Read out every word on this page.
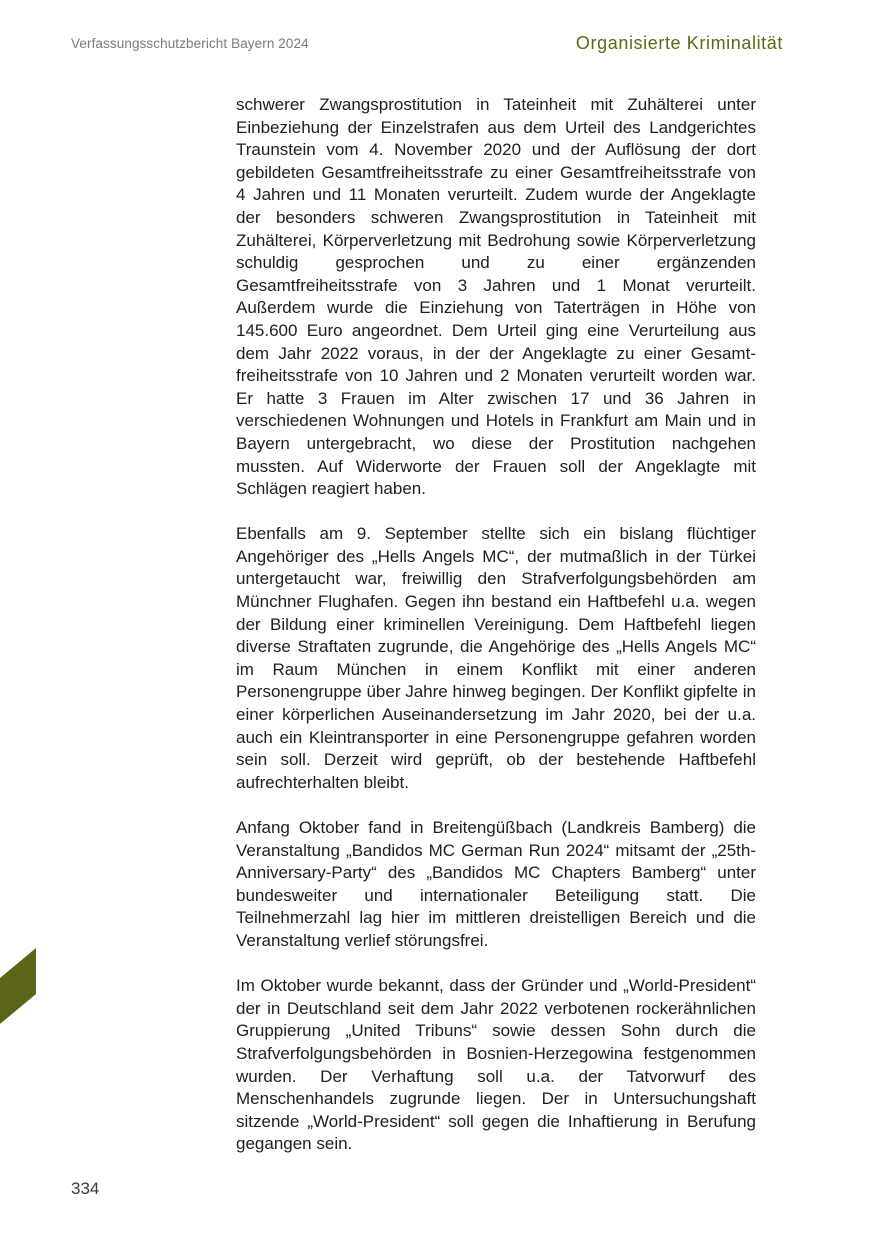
Verfassungsschutzbericht Bayern 2024	Organisierte Kriminalität

schwerer Zwangsprostitution in Tateinheit mit Zuhälterei unter Einbeziehung der Einzelstrafen aus dem Urteil des Landgerichtes Traunstein vom 4. November 2020 und der Auflösung der dort gebildeten Gesamtfreiheitsstrafe zu einer Gesamtfreiheitsstrafe von 4 Jahren und 11 Monaten verurteilt. Zudem wurde der Angeklagte der besonders schweren Zwangsprostitution in Tateinheit mit Zuhälterei, Körperverletzung mit Bedrohung sowie Körperverletzung schuldig gesprochen und zu einer ergänzenden Gesamtfreiheitsstrafe von 3 Jahren und 1 Monat verurteilt. Außerdem wurde die Einziehung von Taterträgen in Höhe von 145.600 Euro angeordnet. Dem Urteil ging eine Verurteilung aus dem Jahr 2022 voraus, in der der Angeklagte zu einer Gesamtfreiheitsstrafe von 10 Jahren und 2 Monaten verurteilt worden war. Er hatte 3 Frauen im Alter zwischen 17 und 36 Jahren in verschiedenen Wohnungen und Hotels in Frankfurt am Main und in Bayern untergebracht, wo diese der Prostitution nachgehen mussten. Auf Widerworte der Frauen soll der Angeklagte mit Schlägen reagiert haben.

Ebenfalls am 9. September stellte sich ein bislang flüchtiger Angehöriger des „Hells Angels MC“, der mutmaßlich in der Türkei untergetaucht war, freiwillig den Strafverfolgungsbehörden am Münchner Flughafen. Gegen ihn bestand ein Haftbefehl u.a. wegen der Bildung einer kriminellen Vereinigung. Dem Haftbefehl liegen diverse Straftaten zugrunde, die Angehörige des „Hells Angels MC“ im Raum München in einem Konflikt mit einer anderen Personengruppe über Jahre hinweg begingen. Der Konflikt gipfelte in einer körperlichen Auseinandersetzung im Jahr 2020, bei der u.a. auch ein Kleintransporter in eine Personengruppe gefahren worden sein soll. Derzeit wird geprüft, ob der bestehende Haftbefehl aufrechterhalten bleibt.

Anfang Oktober fand in Breitengüßbach (Landkreis Bamberg) die Veranstaltung „Bandidos MC German Run 2024“ mitsamt der „25th-Anniversary-Party“ des „Bandidos MC Chapters Bamberg“ unter bundesweiter und internationaler Beteiligung statt. Die Teilnehmerzahl lag hier im mittleren dreistelligen Bereich und die Veranstaltung verlief störungsfrei.

Im Oktober wurde bekannt, dass der Gründer und „World-President“ der in Deutschland seit dem Jahr 2022 verbotenen rockerähnlichen Gruppierung „United Tribuns“ sowie dessen Sohn durch die Strafverfolgungsbehörden in Bosnien-Herzegowina festgenommen wurden. Der Verhaftung soll u.a. der Tatvorwurf des Menschenhandels zugrunde liegen. Der in Untersuchungshaft sitzende „World-President“ soll gegen die Inhaftierung in Berufung gegangen sein.

334
